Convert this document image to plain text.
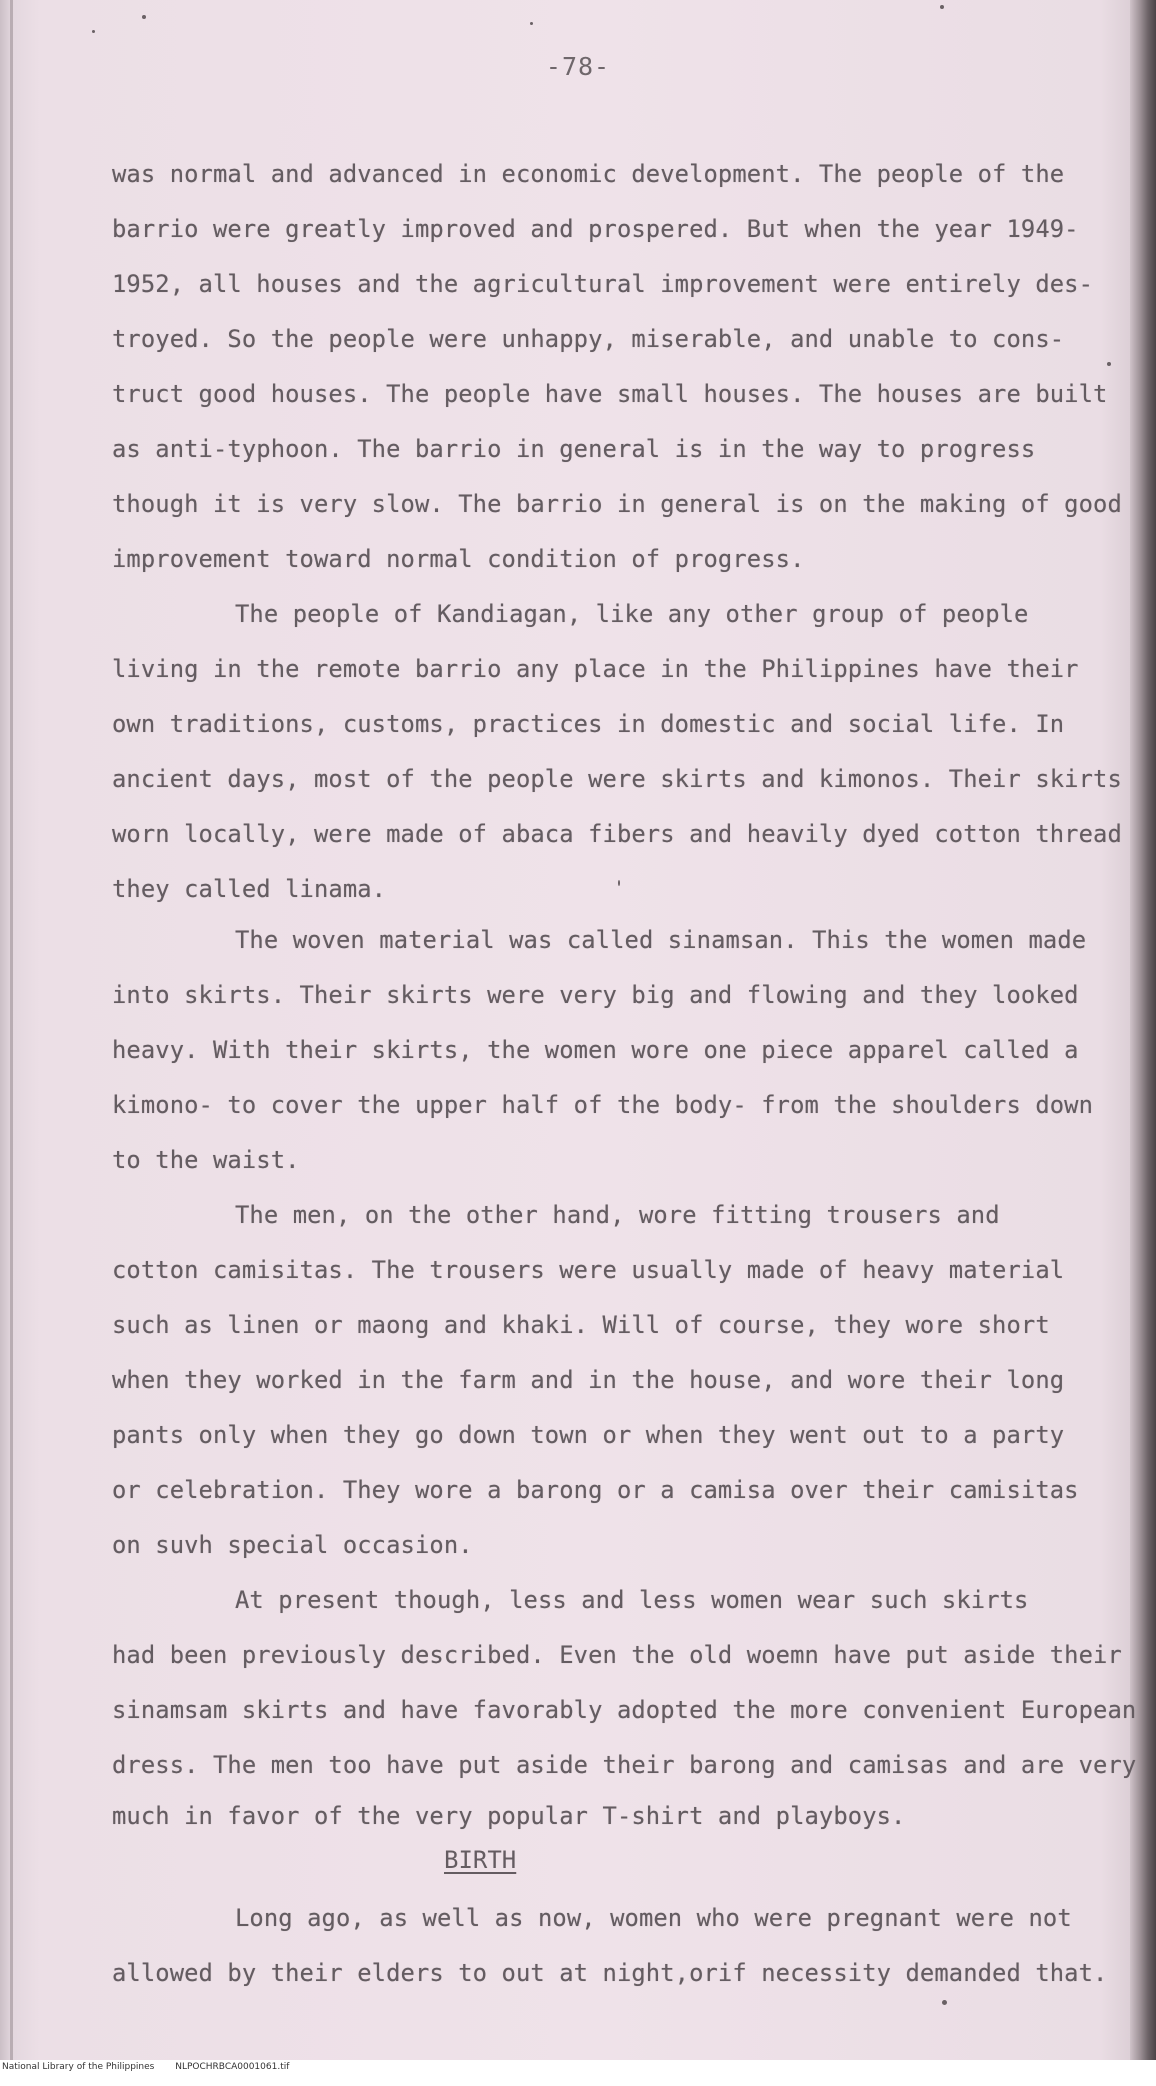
-78-
was normal and advanced in economic development. The people of the
barrio were greatly improved and prospered. But when the year 1949-
1952, all houses and the agricultural improvement were entirely des-
troyed. So the people were unhappy, miserable, and unable to cons-
truct good houses. The people have small houses. The houses are built
as anti-typhoon. The barrio in general is in the way to progress
though it is very slow. The barrio in general is on the making of good
improvement toward normal condition of progress.
The people of Kandiagan, like any other group of people
living in the remote barrio any place in the Philippines have their
own traditions, customs, practices in domestic and social life. In
ancient days, most of the people were skirts and kimonos. Their skirts
worn locally, were made of abaca fibers and heavily dyed cotton thread
they called linama.
The woven material was called sinamsan. This the women made
into skirts. Their skirts were very big and flowing and they looked
heavy. With their skirts, the women wore one piece apparel called a
kimono- to cover the upper half of the body- from the shoulders down
to the waist.
The men, on the other hand, wore fitting trousers and
cotton camisitas. The trousers were usually made of heavy material
such as linen or maong and khaki. Will of course, they wore short
when they worked in the farm and in the house, and wore their long
pants only when they go down town or when they went out to a party
or celebration. They wore a barong or a camisa over their camisitas
on suvh special occasion.
At present though, less and less women wear such skirts
had been previously described. Even the old woemn have put aside their
sinamsam skirts and have favorably adopted the more convenient European
dress. The men too have put aside their barong and camisas and are very
much in favor of the very popular T-shirt and playboys.
BIRTH
Long ago, as well as now, women who were pregnant were not
allowed by their elders to out at night,orif necessity demanded that.
National Library of the Philippines NLPOCHRBCA0001061.tif
